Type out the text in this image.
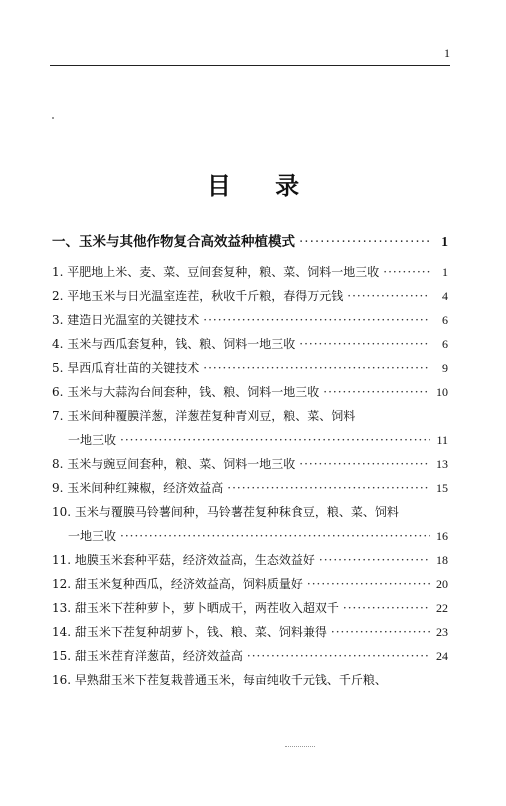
1
目 录
一、玉米与其他作物复合高效益种植模式 ·····	1
1. 平肥地上米、麦、菜、豆间套复种，粮、菜、饲料一地三收 ·····	1
2. 平地玉米与日光温室连茬，秋收千斤粮，春得万元钱 ·····	4
3. 建造日光温室的关键技术 ·····	6
4. 玉米与西瓜套复种，钱、粮、饲料一地三收 ·····	6
5. 旱西瓜育壮苗的关键技术 ·····	9
6. 玉米与大蒜沟台间套种，钱、粮、饲料一地三收 ·····	10
7. 玉米间种覆膜洋葱，洋葱茬复种青刈豆，粮、菜、饲料
一地三收 ·····	11
8. 玉米与豌豆间套种，粮、菜、饲料一地三收 ·····	13
9. 玉米间种红辣椒，经济效益高 ·····	15
10. 玉米与覆膜马铃薯间种，马铃薯茬复种秣食豆，粮、菜、饲料
一地三收 ·····	16
11. 地膜玉米套种平菇，经济效益高，生态效益好 ·····	18
12. 甜玉米复种西瓜，经济效益高，饲料质量好 ·····	20
13. 甜玉米下茬种萝卜，萝卜晒成干，两茬收入超双千 ·····	22
14. 甜玉米下茬复种胡萝卜，钱、粮、菜、饲料兼得 ·····	23
15. 甜玉米茬育洋葱苗，经济效益高 ·····	24
16. 早熟甜玉米下茬复栽普通玉米，每亩纯收千元钱、千斤粮、
